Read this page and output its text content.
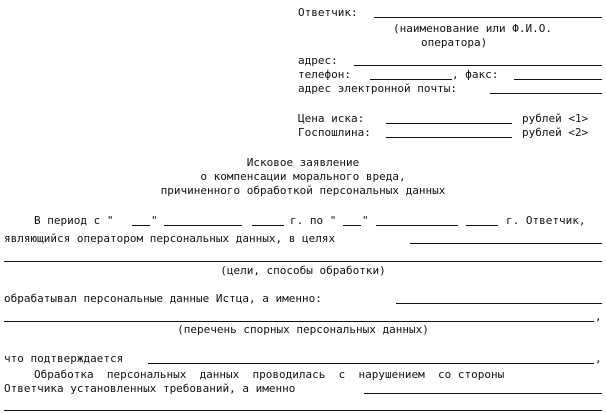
Ответчик:
(наименование или Ф.И.О.
оператора)
адрес:
телефон:	, факс:
адрес электронной почты:
Цена иска:	рублей <1>
Госпошлина:	рублей <2>
Исковое заявление
о компенсации морального вреда,
причиненного обработкой персональных данных
В период с "	"	г. по " "	г. Ответчик,
являющийся оператором персональных данных, в целях
(цели, способы обработки)
обрабатывал персональные данные Истца, а именно:
,
(перечень спорных персональных данных)
что подтверждается	,
Обработка  персональных  данных  проводилась  с  нарушением  со стороны
Ответчика установленных требований, а именно
